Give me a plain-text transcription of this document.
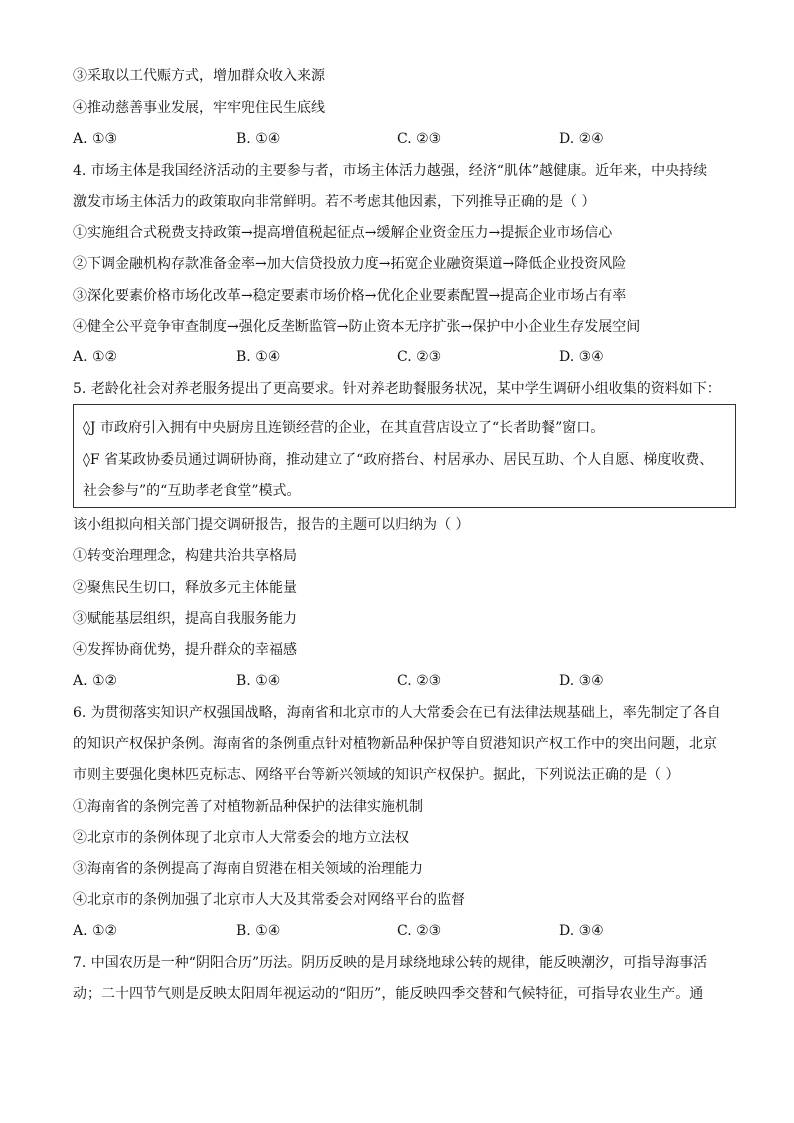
③采取以工代赈方式，增加群众收入来源
④推动慈善事业发展，牢牢兜住民生底线
A. ①③	B. ①④	C. ②③	D. ②④
4. 市场主体是我国经济活动的主要参与者，市场主体活力越强，经济“肌体”越健康。近年来，中央持续
激发市场主体活力的政策取向非常鲜明。若不考虑其他因素，下列推导正确的是（ ）
①实施组合式税费支持政策→提高增值税起征点→缓解企业资金压力→提振企业市场信心
②下调金融机构存款准备金率→加大信贷投放力度→拓宽企业融资渠道→降低企业投资风险
③深化要素价格市场化改革→稳定要素市场价格→优化企业要素配置→提高企业市场占有率
④健全公平竞争审查制度→强化反垄断监管→防止资本无序扩张→保护中小企业生存发展空间
A. ①②	B. ①④	C. ②③	D. ③④
5. 老龄化社会对养老服务提出了更高要求。针对养老助餐服务状况，某中学生调研小组收集的资料如下：
◊J 市政府引入拥有中央厨房且连锁经营的企业，在其直营店设立了“长者助餐”窗口。
◊F 省某政协委员通过调研协商，推动建立了“政府搭台、村居承办、居民互助、个人自愿、梯度收费、
社会参与”的“互助孝老食堂”模式。
该小组拟向相关部门提交调研报告，报告的主题可以归纳为（ ）
①转变治理理念，构建共治共享格局
②聚焦民生切口，释放多元主体能量
③赋能基层组织，提高自我服务能力
④发挥协商优势，提升群众的幸福感
A. ①②	B. ①④	C. ②③	D. ③④
6. 为贯彻落实知识产权强国战略，海南省和北京市的人大常委会在已有法律法规基础上，率先制定了各自
的知识产权保护条例。海南省的条例重点针对植物新品种保护等自贸港知识产权工作中的突出问题，北京
市则主要强化奥林匹克标志、网络平台等新兴领域的知识产权保护。据此，下列说法正确的是（ ）
①海南省的条例完善了对植物新品种保护的法律实施机制
②北京市的条例体现了北京市人大常委会的地方立法权
③海南省的条例提高了海南自贸港在相关领域的治理能力
④北京市的条例加强了北京市人大及其常委会对网络平台的监督
A. ①②	B. ①④	C. ②③	D. ③④
7. 中国农历是一种“阴阳合历”历法。阴历反映的是月球绕地球公转的规律，能反映潮汐，可指导海事活
动；二十四节气则是反映太阳周年视运动的“阳历”，能反映四季交替和气候特征，可指导农业生产。通
